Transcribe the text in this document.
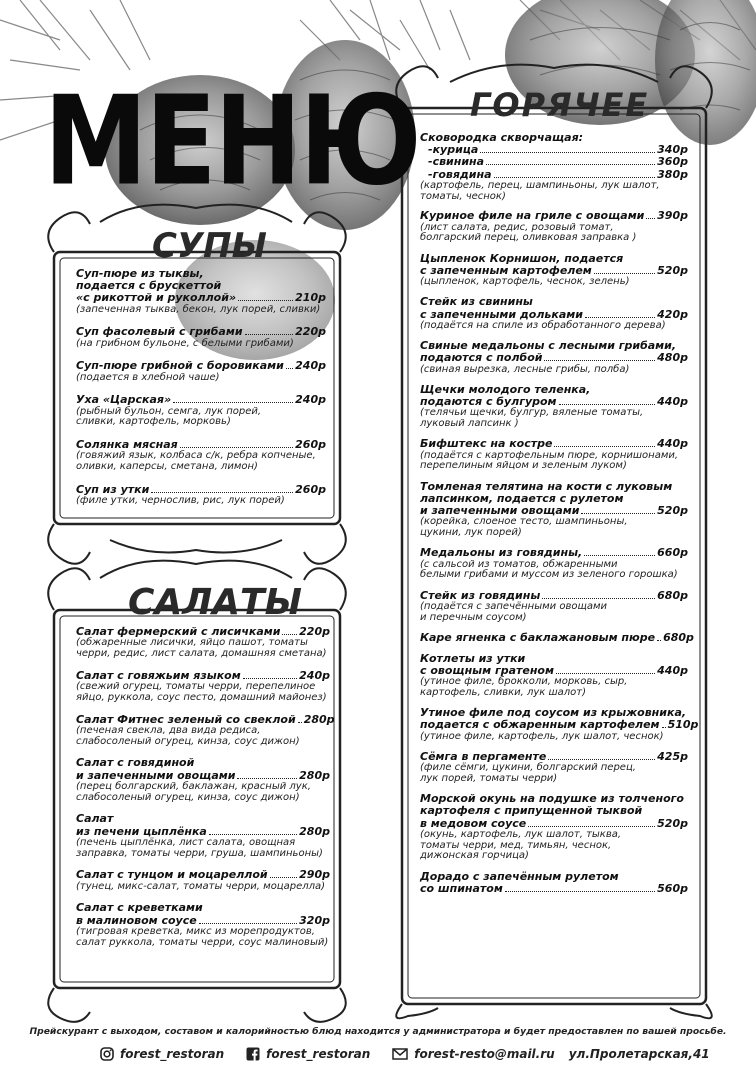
МЕНЮ
СУПЫ
Суп-пюре из тыквы,
подается с брускеттой
«с рикоттой и руколлой»	210р
(запеченная тыква, бекон, лук порей, сливки)
Суп фасолевый с грибами	220р
(на грибном бульоне, с белыми грибами)
Суп-пюре грибной с боровиками 240р
(подается в хлебной чаше)
Уха «Царская»	240р
(рыбный бульон, семга, лук порей,
сливки, картофель, морковь)
Солянка мясная	260р
(говяжий язык, колбаса с/к, ребра копченые,
оливки, каперсы, сметана, лимон)
Суп из утки	260р
(филе утки, чернослив, рис, лук порей)
САЛАТЫ
Салат фермерский с лисичками 220р
(обжаренные лисички, яйцо пашот, томаты
черри, редис, лист салата, домашняя сметана)
Салат с говяжьим языком	240р
(свежий огурец, томаты черри, перепелиное
яйцо, руккола, соус песто, домашний майонез)
Салат Фитнес зеленый со свеклой 280р
(печеная свекла, два вида редиса,
слабосоленый огурец, кинза, соус дижон)
Салат с говядиной
и запеченными овощами	280р
(перец болгарский, баклажан, красный лук,
слабосоленый огурец, кинза, соус дижон)
Салат
из печени цыплёнка	280р
(печень цыплёнка, лист салата, овощная
заправка, томаты черри, груша, шампиньоны)
Салат с тунцом и моцареллой	290р
(тунец, микс-салат, томаты черри, моцарелла)
Салат с креветками
в малиновом соусе	320р
(тигровая креветка, микс из морепродуктов,
салат руккола, томаты черри, соус малиновый)
ГОРЯЧЕЕ
Сковородка скворчащая:
-курица	340р
-свинина	360р
-говядина	380р
(картофель, перец, шампиньоны, лук шалот,
томаты, чеснок)
Куриное филе на гриле с овощами 390р
(лист салата, редис, розовый томат,
болгарский перец, оливковая заправка )
Цыпленок Корнишон, подается
с запеченным картофелем	520р
(цыпленок, картофель, чеснок, зелень)
Стейк из свинины
с запеченными дольками	420р
(подаётся на спиле из обработанного дерева)
Свиные медальоны с лесными грибами,
подаются с полбой	480р
(свиная вырезка, лесные грибы, полба)
Щечки молодого теленка,
подаются с булгуром	440р
(телячьи щечки, булгур, вяленые томаты,
луковый лапсинк )
Бифштекс на костре	440р
(подаётся с картофельным пюре, корнишонами,
перепелиным яйцом и зеленым луком)
Томленая телятина на кости с луковым
лапсинком, подается с рулетом
и запеченными овощами	520р
(корейка, слоеное тесто, шампиньоны,
цукини, лук порей)
Медальоны из говядины,	660р
(с сальсой из томатов, обжаренными
белыми грибами и муссом из зеленого горошка)
Стейк из говядины	680р
(подаётся с запечёнными овощами
и перечным соусом)
Каре ягненка с баклажановым пюре 680р
Котлеты из утки
с овощным гратеном	440р
(утиное филе, брокколи, морковь, сыр,
картофель, сливки, лук шалот)
Утиное филе под соусом из крыжовника,
подается с обжаренным картофелем 510р
(утиное филе, картофель, лук шалот, чеснок)
Сёмга в пергаменте	425р
(филе сёмги, цукини, болгарский перец,
лук порей, томаты черри)
Морской окунь на подушке из толченого
картофеля с припущенной тыквой
в медовом соусе	520р
(окунь, картофель, лук шалот, тыква,
томаты черри, мед, тимьян, чеснок,
дижонская горчица)
Дорадо с запечённым рулетом
со шпинатом	560р
Прейскурант с выходом, составом и калорийностью блюд находится у администратора и будет предоставлен по вашей просьбе.
forest_restoran	forest_restoran	forest-resto@mail.ru ул.Пролетарская,41
